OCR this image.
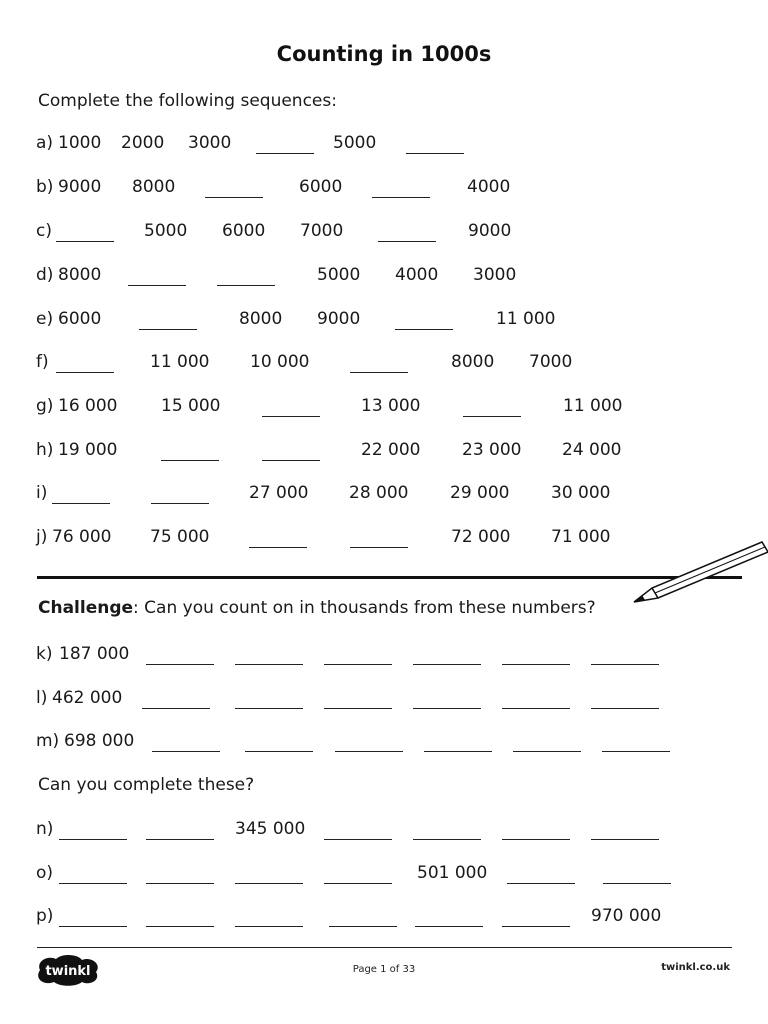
Counting in 1000s
Complete the following sequences:
a) 1000 2000 3000	5000
b) 9000 8000	6000	4000
c)	5000 6000 7000	9000
d) 8000	5000 4000 3000
e) 6000	8000 9000	11 000
f)	11 000 10 000	8000 7000
g) 16 000	15 000	13 000	11 000
h) 19 000	22 000 23 000 24 000
i)	27 000 28 000 29 000 30 000
j) 76 000 75 000	72 000 71 000
Challenge: Can you count on in thousands from these numbers?
k) 187 000
l) 462 000
m) 698 000
Can you complete these?
n)	345 000
o)	501 000
p)	970 000
twinkl	Page 1 of 33	twinkl.co.uk
